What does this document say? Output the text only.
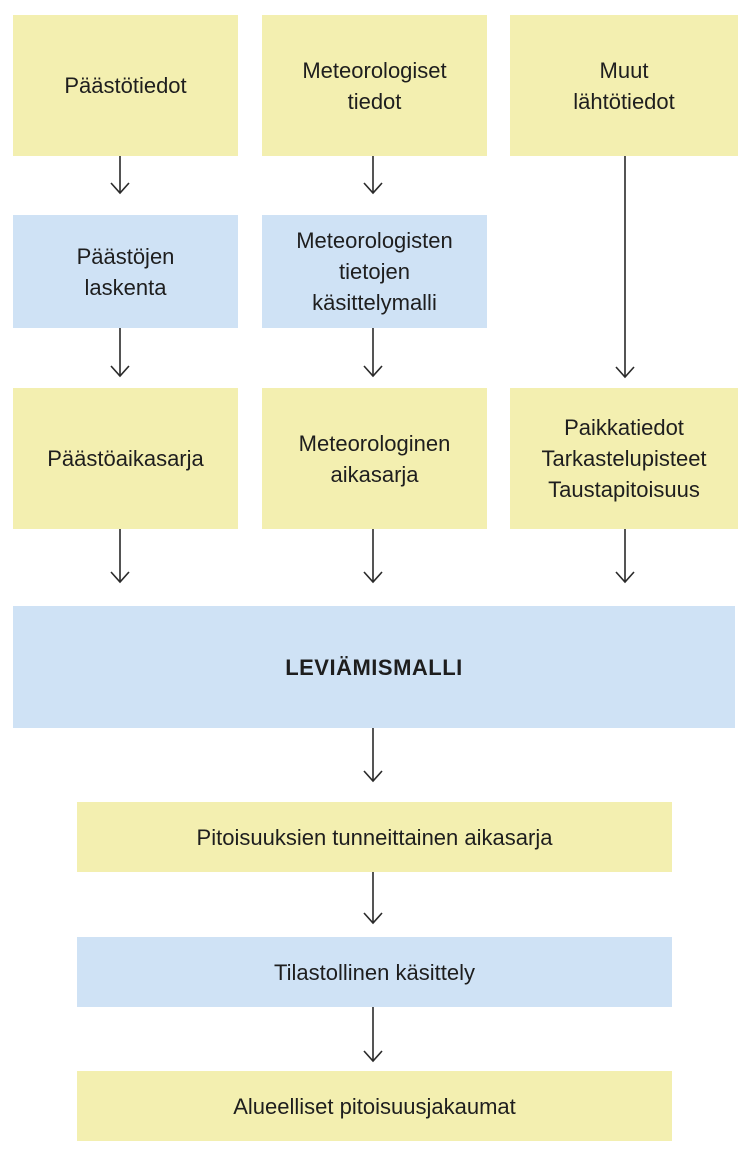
Päästötiedot
Meteorologiset
tiedot
Muut
lähtötiedot
Päästöjen
laskenta
Meteorologisten
tietojen
käsittelymalli
Päästöaikasarja
Meteorologinen
aikasarja
Paikkatiedot
Tarkastelupisteet
Taustapitoisuus
LEVIÄMISMALLI
Pitoisuuksien tunneittainen aikasarja
Tilastollinen käsittely
Alueelliset pitoisuusjakaumat
